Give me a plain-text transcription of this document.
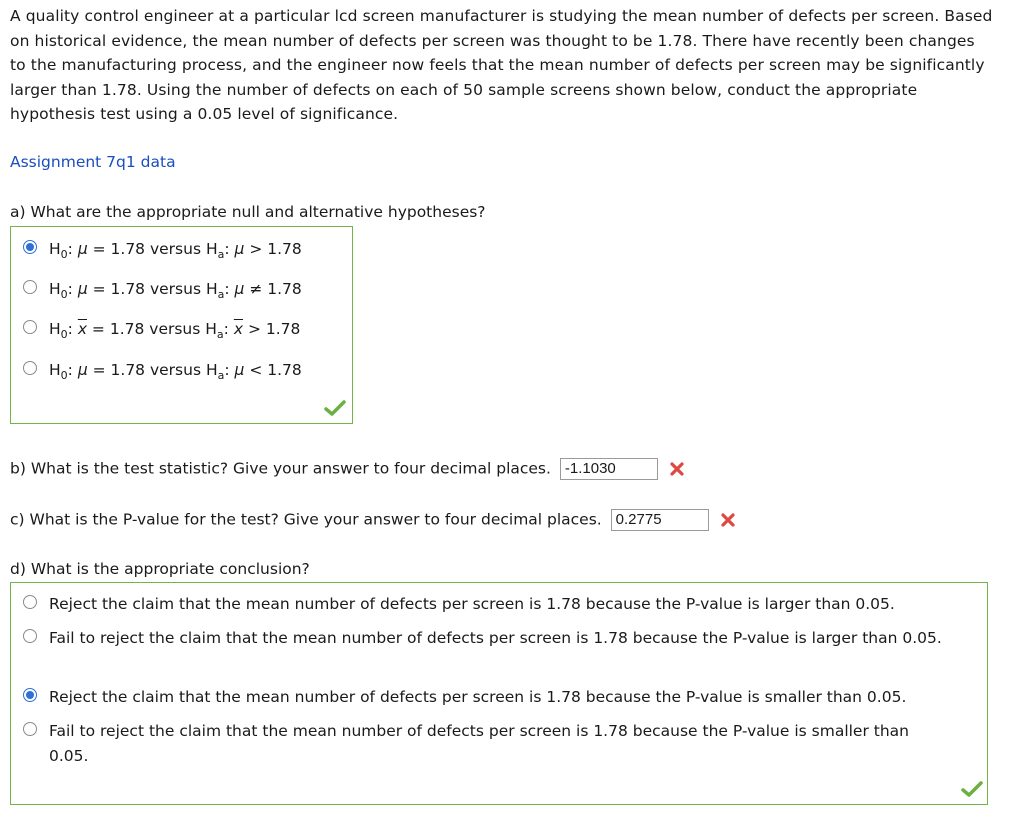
A quality control engineer at a particular lcd screen manufacturer is studying the mean number of defects per screen. Based
on historical evidence, the mean number of defects per screen was thought to be 1.78. There have recently been changes
to the manufacturing process, and the engineer now feels that the mean number of defects per screen may be significantly
larger than 1.78. Using the number of defects on each of 50 sample screens shown below, conduct the appropriate
hypothesis test using a 0.05 level of significance.
Assignment 7q1 data
a) What are the appropriate null and alternative hypotheses?
$H_0$: μ = 1.78 versus $H_a$: μ > 1.78
$H_0$: μ = 1.78 versus $H_a$: μ ≠ 1.78
$H_0$: $\overline{x} = 1.78$ versus $H_a$: $\overline{x} > 1.78$
$H_0$: μ = 1.78 versus $H_a$: μ < 1.78
b) What is the test statistic? Give your answer to four decimal places. -1.1030
c) What is the P-value for the test? Give your answer to four decimal places. 0.2775
d) What is the appropriate conclusion?
Reject the claim that the mean number of defects per screen is 1.78 because the P-value is larger than 0.05.
Fail to reject the claim that the mean number of defects per screen is 1.78 because the P-value is larger than 0.05.
Reject the claim that the mean number of defects per screen is 1.78 because the P-value is smaller than 0.05.
Fail to reject the claim that the mean number of defects per screen is 1.78 because the P-value is smaller than 0.05.
